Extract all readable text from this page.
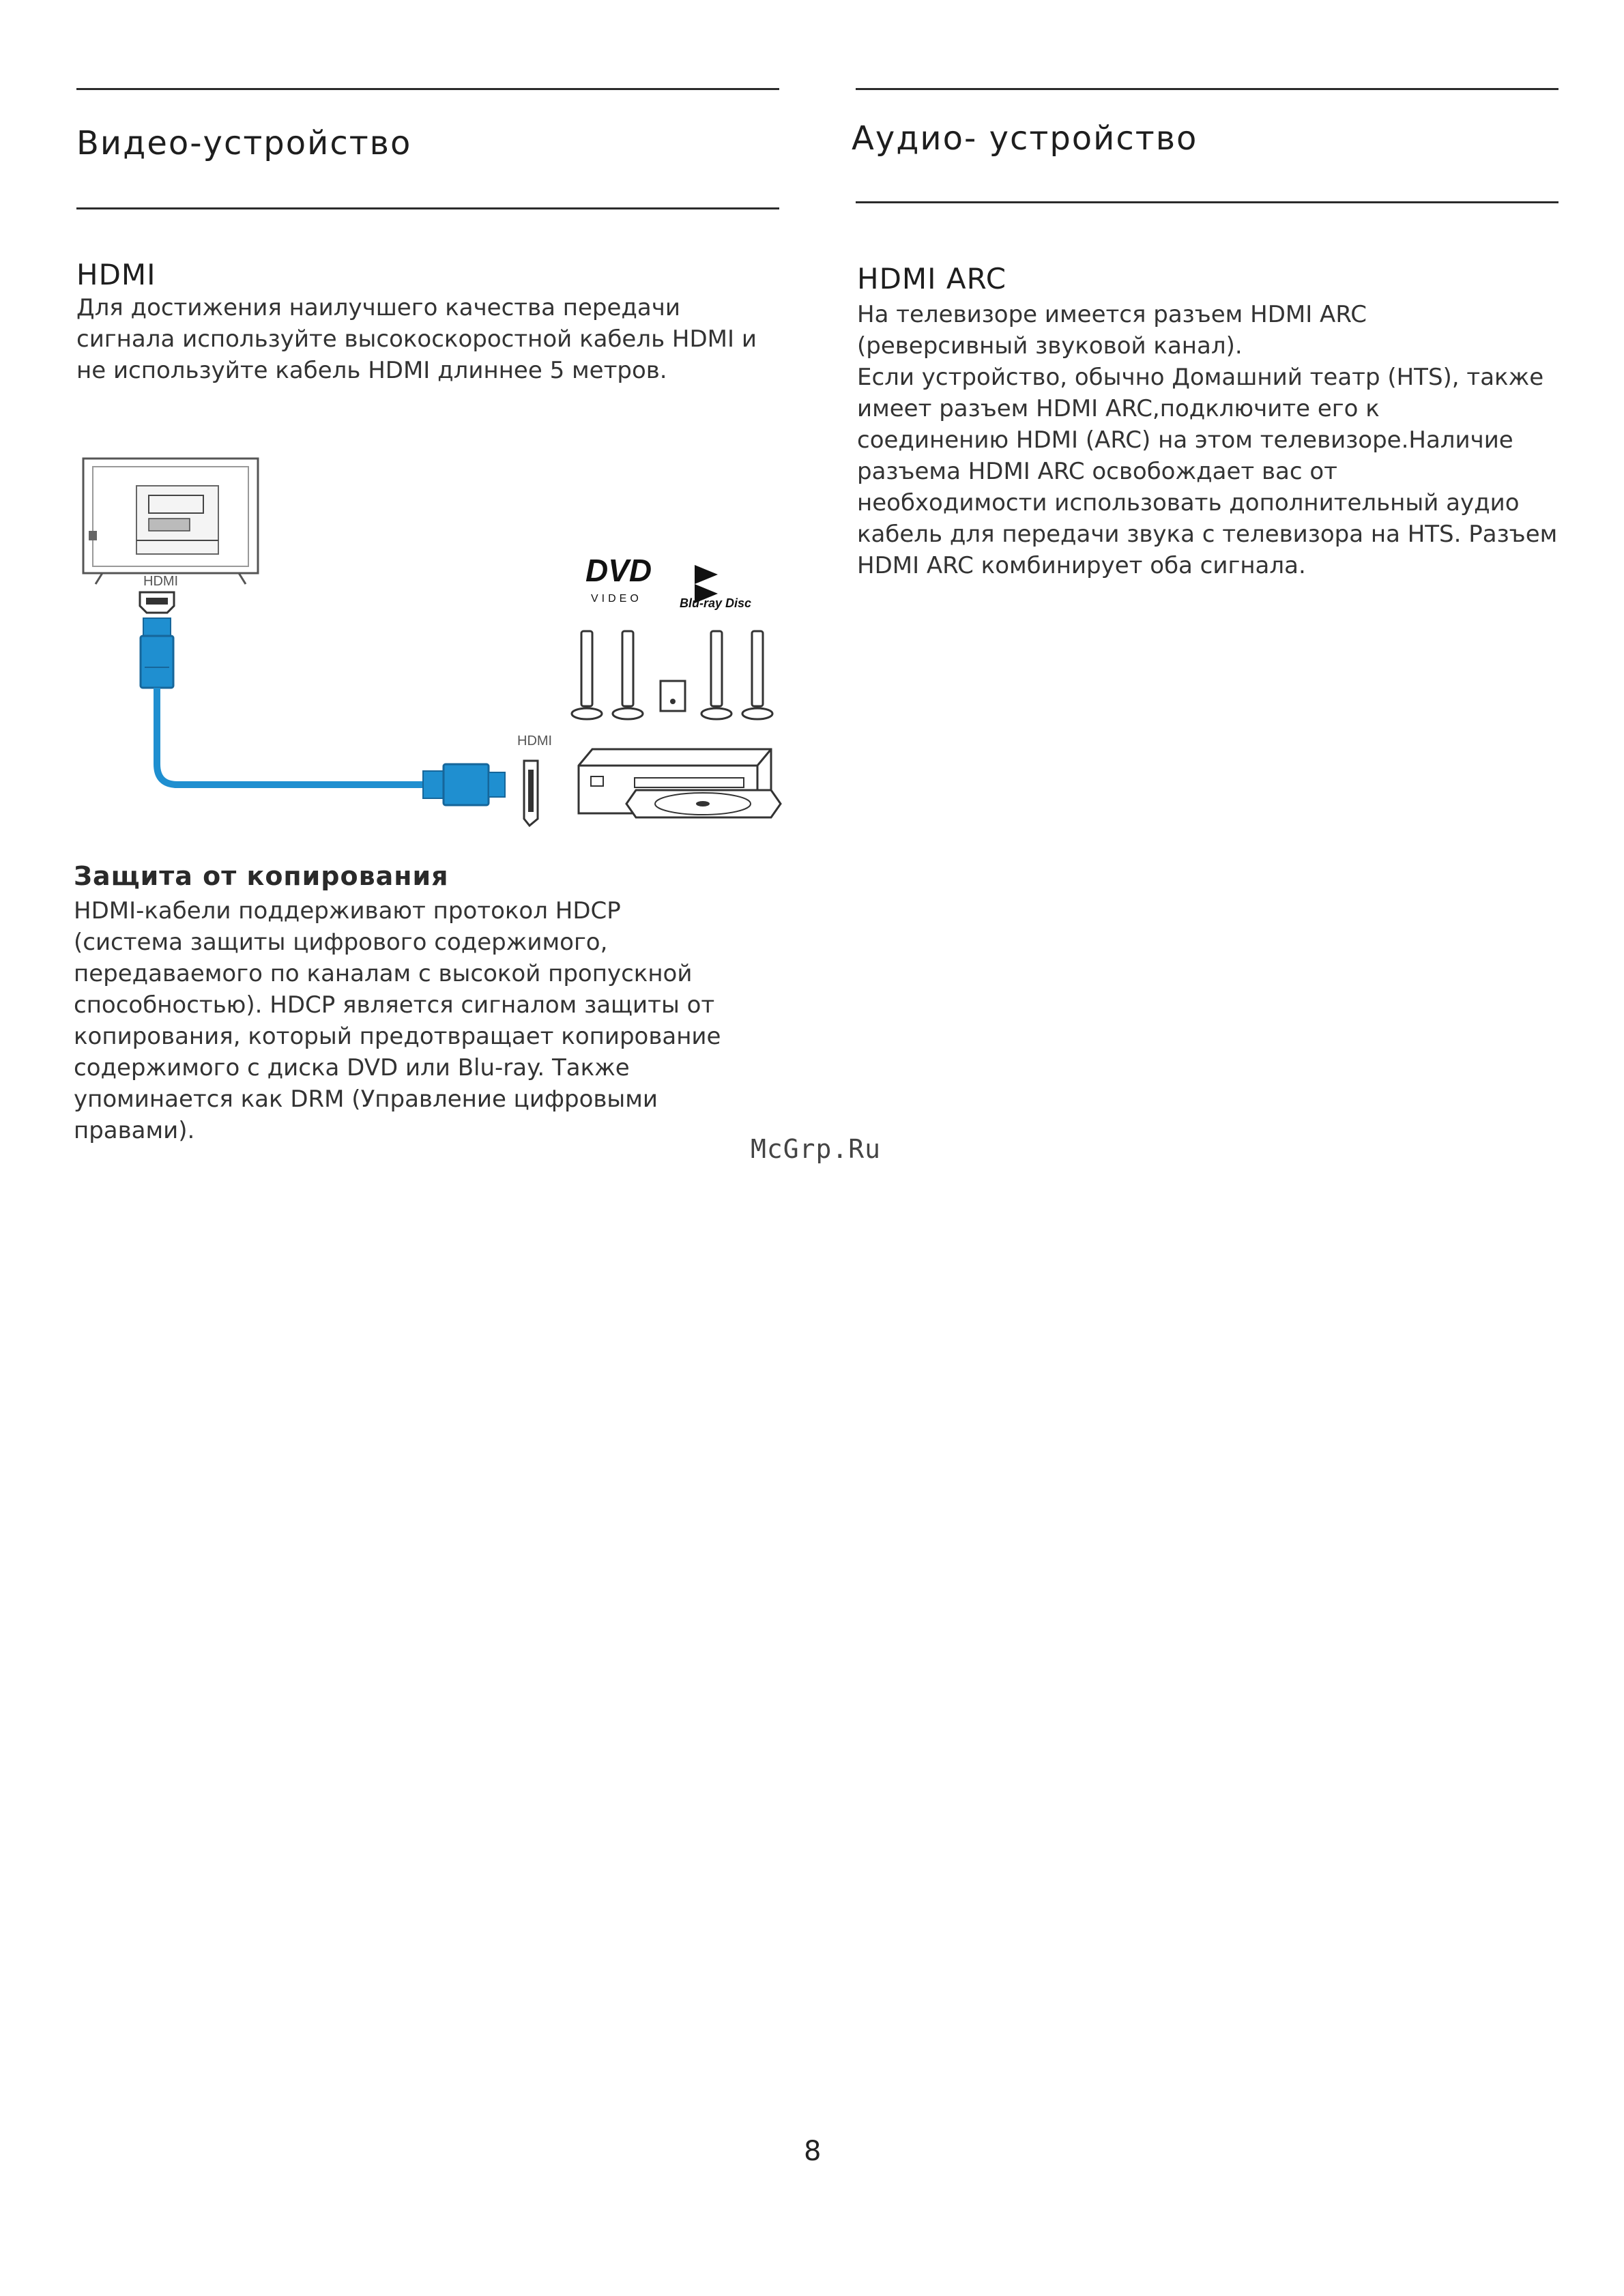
Видео-устройство	Аудио- устройство
HDMI
Для достижения наилучшего качества передачи
сигнала используйте высокоскоростной кабель HDMI и
не используйте кабель HDMI длиннее 5 метров.
HDMI ARC
На телевизоре имеется разъем HDMI ARC
(реверсивный звуковой канал).
Если устройство, обычно Домашний театр (HTS), также
имеет разъем HDMI ARC,подключите его к
соединению HDMI (ARC) на этом телевизоре.Наличие
разъема HDMI ARC освобождает вас от
необходимости использовать дополнительный аудио
кабель для передачи звука с телевизора на HTS. Разъем
HDMI ARC комбинирует оба сигнала.
HDMI
HDMI
DVD
VIDEO	Blu-ray Disc
Защита от копирования
HDMI-кабели поддерживают протокол HDCP
(система защиты цифрового содержимого,
передаваемого по каналам с высокой пропускной
способностью). HDCP является сигналом защиты от
копирования, который предотвращает копирование
содержимого с диска DVD или Blu-ray. Также
упоминается как DRM (Управление цифровыми
правами).
McGrp.Ru
8
